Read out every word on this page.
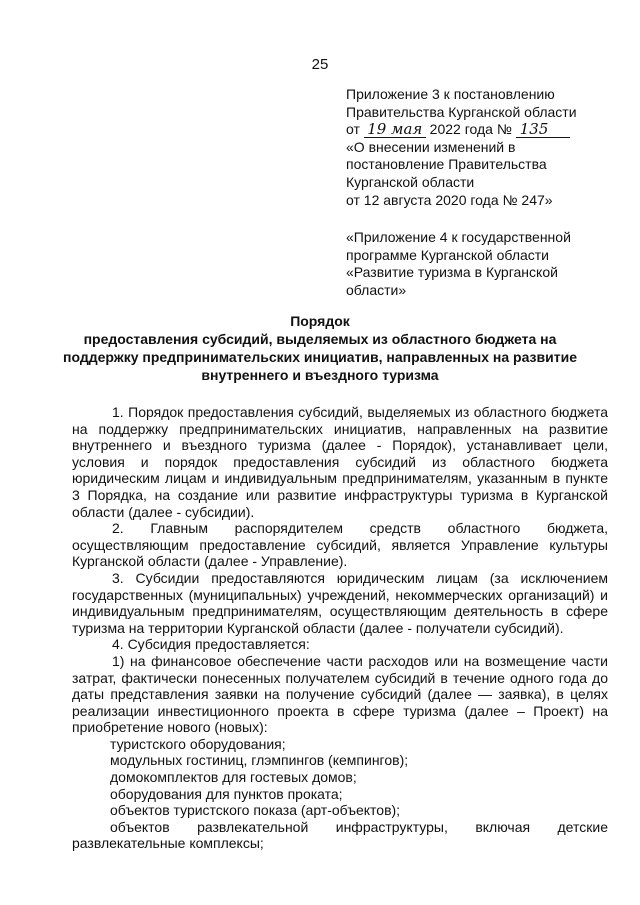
25
Приложение 3 к постановлению
Правительства Курганской области
от 19 мая 2022 года № 135
«О внесении изменений в
постановление Правительства
Курганской области
от 12 августа 2020 года № 247»
«Приложение 4 к государственной
программе Курганской области
«Развитие туризма в Курганской
области»
Порядок
предоставления субсидий, выделяемых из областного бюджета на
поддержку предпринимательских инициатив, направленных на развитие
внутреннего и въездного туризма

1. Порядок предоставления субсидий, выделяемых из областного бюджета на поддержку предпринимательских инициатив, направленных на развитие внутреннего и въездного туризма (далее - Порядок), устанавливает цели, условия и порядок предоставления субсидий из областного бюджета юридическим лицам и индивидуальным предпринимателям, указанным в пункте 3 Порядка, на создание или развитие инфраструктуры туризма в Курганской области (далее - субсидии).

2. Главным распорядителем средств областного бюджета, осуществляющим предоставление субсидий, является Управление культуры Курганской области (далее - Управление).

3. Субсидии предоставляются юридическим лицам (за исключением государственных (муниципальных) учреждений, некоммерческих организаций) и индивидуальным предпринимателям, осуществляющим деятельность в сфере туризма на территории Курганской области (далее - получатели субсидий).

4. Субсидия предоставляется:

1) на финансовое обеспечение части расходов или на возмещение части затрат, фактически понесенных получателем субсидий в течение одного года до даты представления заявки на получение субсидий (далее — заявка), в целях реализации инвестиционного проекта в сфере туризма (далее – Проект) на приобретение нового (новых):

туристского оборудования;

модульных гостиниц, глэмпингов (кемпингов);

домокомплектов для гостевых домов;

оборудования для пунктов проката;

объектов туристского показа (арт-объектов);

объектов развлекательной инфраструктуры, включая детские развлекательные комплексы;
